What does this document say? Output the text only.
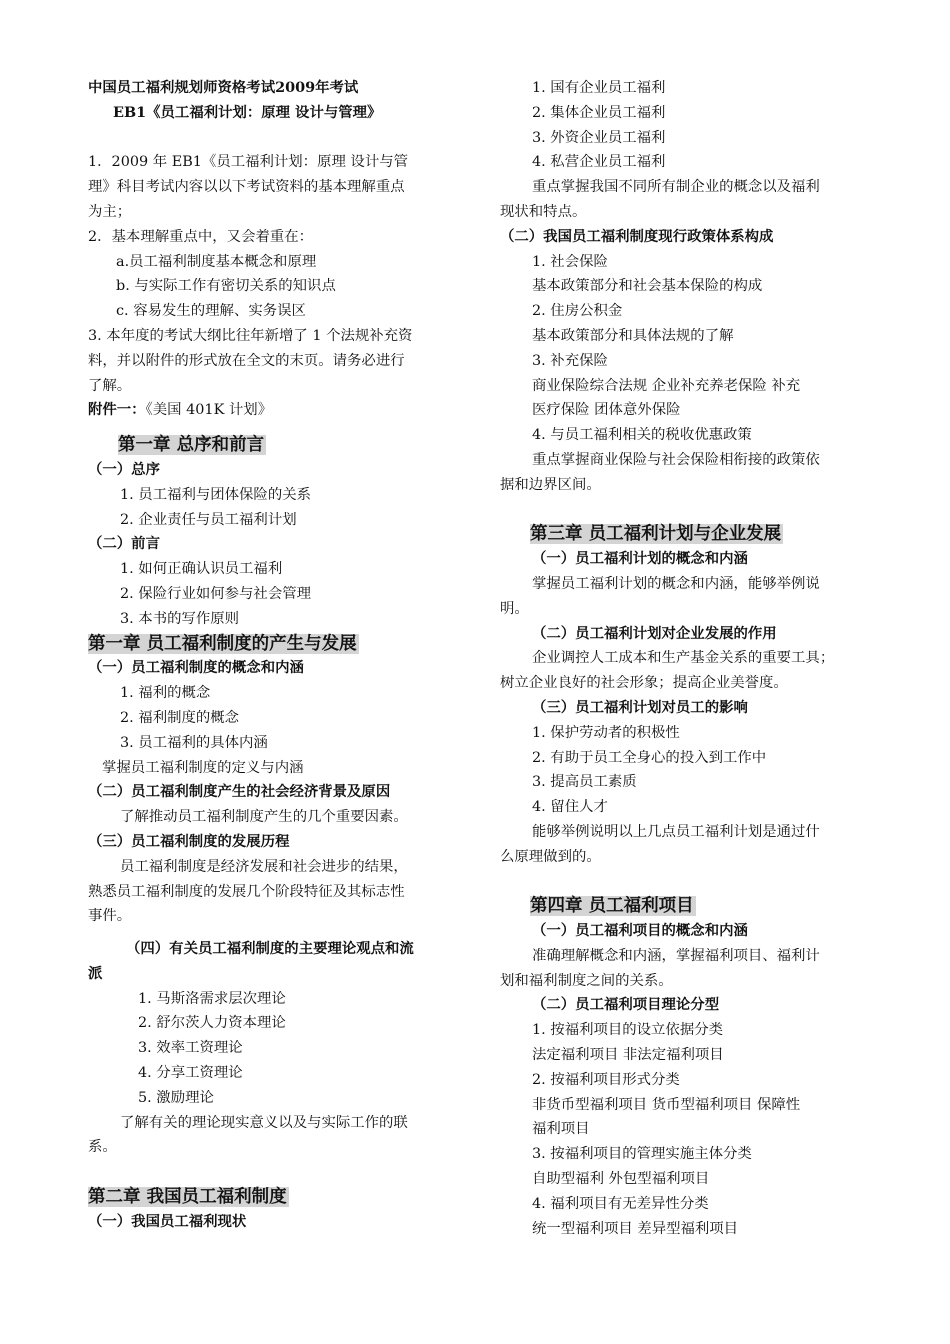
中国员工福利规划师资格考试2009年考试
EB1《员工福利计划：原理 设计与管理》
1．2009 年 EB1《员工福利计划：原理 设计与管
理》科目考试内容以以下考试资料的基本理解重点
为主；
2．基本理解重点中，又会着重在：
a.员工福利制度基本概念和原理
b. 与实际工作有密切关系的知识点
c. 容易发生的理解、实务误区
3. 本年度的考试大纲比往年新增了 1 个法规补充资
料，并以附件的形式放在全文的末页。请务必进行
了解。
附件一：《美国 401K 计划》
第一章 总序和前言
（一）总序
1. 员工福利与团体保险的关系
2. 企业责任与员工福利计划
（二）前言
1. 如何正确认识员工福利
2. 保险行业如何参与社会管理
3. 本书的写作原则
第一章 员工福利制度的产生与发展
（一）员工福利制度的概念和内涵
1. 福利的概念
2. 福利制度的概念
3. 员工福利的具体内涵
掌握员工福利制度的定义与内涵
（二）员工福利制度产生的社会经济背景及原因
了解推动员工福利制度产生的几个重要因素。
（三）员工福利制度的发展历程
员工福利制度是经济发展和社会进步的结果，
熟悉员工福利制度的发展几个阶段特征及其标志性
事件。
（四）有关员工福利制度的主要理论观点和流
派
1. 马斯洛需求层次理论
2. 舒尔茨人力资本理论
3. 效率工资理论
4. 分享工资理论
5. 激励理论
了解有关的理论现实意义以及与实际工作的联
系。
第二章 我国员工福利制度
（一）我国员工福利现状
1. 国有企业员工福利
2. 集体企业员工福利
3. 外资企业员工福利
4. 私营企业员工福利
重点掌握我国不同所有制企业的概念以及福利
现状和特点。
（二）我国员工福利制度现行政策体系构成
1. 社会保险
基本政策部分和社会基本保险的构成
2. 住房公积金
基本政策部分和具体法规的了解
3. 补充保险
商业保险综合法规 企业补充养老保险 补充
医疗保险 团体意外保险
4. 与员工福利相关的税收优惠政策
重点掌握商业保险与社会保险相衔接的政策依
据和边界区间。
第三章 员工福利计划与企业发展
（一）员工福利计划的概念和内涵
掌握员工福利计划的概念和内涵，能够举例说
明。
（二）员工福利计划对企业发展的作用
企业调控人工成本和生产基金关系的重要工具；
树立企业良好的社会形象；提高企业美誉度。
（三）员工福利计划对员工的影响
1. 保护劳动者的积极性
2. 有助于员工全身心的投入到工作中
3. 提高员工素质
4. 留住人才
能够举例说明以上几点员工福利计划是通过什
么原理做到的。
第四章 员工福利项目
（一）员工福利项目的概念和内涵
准确理解概念和内涵，掌握福利项目、福利计
划和福利制度之间的关系。
（二）员工福利项目理论分型
1. 按福利项目的设立依据分类
法定福利项目 非法定福利项目
2. 按福利项目形式分类
非货币型福利项目 货币型福利项目 保障性
福利项目
3. 按福利项目的管理实施主体分类
自助型福利 外包型福利项目
4. 福利项目有无差异性分类
统一型福利项目 差异型福利项目
